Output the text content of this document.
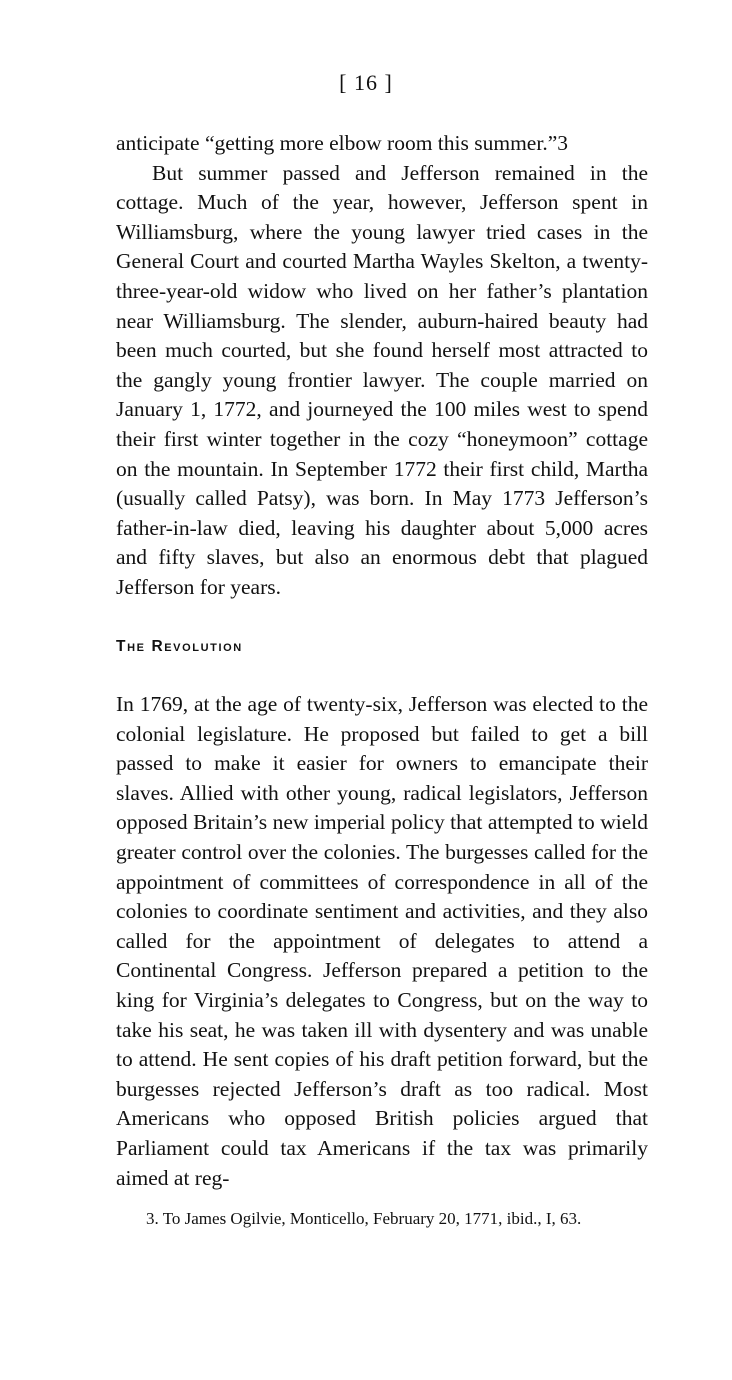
[ 16 ]

anticipate “getting more elbow room this summer.”3

But summer passed and Jefferson remained in the cottage. Much of the year, however, Jefferson spent in Williamsburg, where the young lawyer tried cases in the General Court and courted Martha Wayles Skelton, a twenty-three-year-old widow who lived on her father’s plantation near Williamsburg. The slender, auburn-haired beauty had been much courted, but she found herself most attracted to the gangly young frontier lawyer. The couple married on January 1, 1772, and journeyed the 100 miles west to spend their first winter together in the cozy “honeymoon” cottage on the mountain. In September 1772 their first child, Martha (usually called Patsy), was born. In May 1773 Jefferson’s father-in-law died, leaving his daughter about 5,000 acres and fifty slaves, but also an enormous debt that plagued Jefferson for years.

The Revolution

In 1769, at the age of twenty-six, Jefferson was elected to the colonial legislature. He proposed but failed to get a bill passed to make it easier for owners to emancipate their slaves. Allied with other young, radical legislators, Jefferson opposed Britain’s new imperial policy that attempted to wield greater control over the colonies. The burgesses called for the appointment of committees of correspondence in all of the colonies to coordinate sentiment and activities, and they also called for the appointment of delegates to attend a Continental Congress. Jefferson prepared a petition to the king for Virginia’s delegates to Congress, but on the way to take his seat, he was taken ill with dysentery and was unable to attend. He sent copies of his draft petition forward, but the burgesses rejected Jefferson’s draft as too radical. Most Americans who opposed British policies argued that Parliament could tax Americans if the tax was primarily aimed at reg-

3. To James Ogilvie, Monticello, February 20, 1771, ibid., I, 63.
